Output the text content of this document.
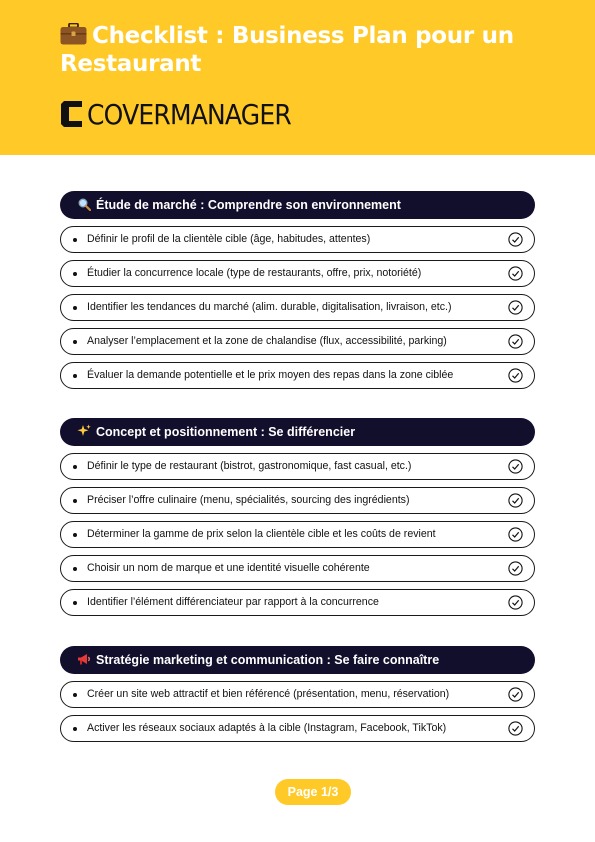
Checklist : Business Plan pour un Restaurant
COVERMANAGER
Étude de marché : Comprendre son environnement
Définir le profil de la clientèle cible (âge, habitudes, attentes)
Étudier la concurrence locale (type de restaurants, offre, prix, notoriété)
Identifier les tendances du marché (alim. durable, digitalisation, livraison, etc.)
Analyser l’emplacement et la zone de chalandise (flux, accessibilité, parking)
Évaluer la demande potentielle et le prix moyen des repas dans la zone ciblée
Concept et positionnement : Se différencier
Définir le type de restaurant (bistrot, gastronomique, fast casual, etc.)
Préciser l’offre culinaire (menu, spécialités, sourcing des ingrédients)
Déterminer la gamme de prix selon la clientèle cible et les coûts de revient
Choisir un nom de marque et une identité visuelle cohérente
Identifier l’élément différenciateur par rapport à la concurrence
Stratégie marketing et communication : Se faire connaître
Créer un site web attractif et bien référencé (présentation, menu, réservation)
Activer les réseaux sociaux adaptés à la cible (Instagram, Facebook, TikTok)
Page 1/3
